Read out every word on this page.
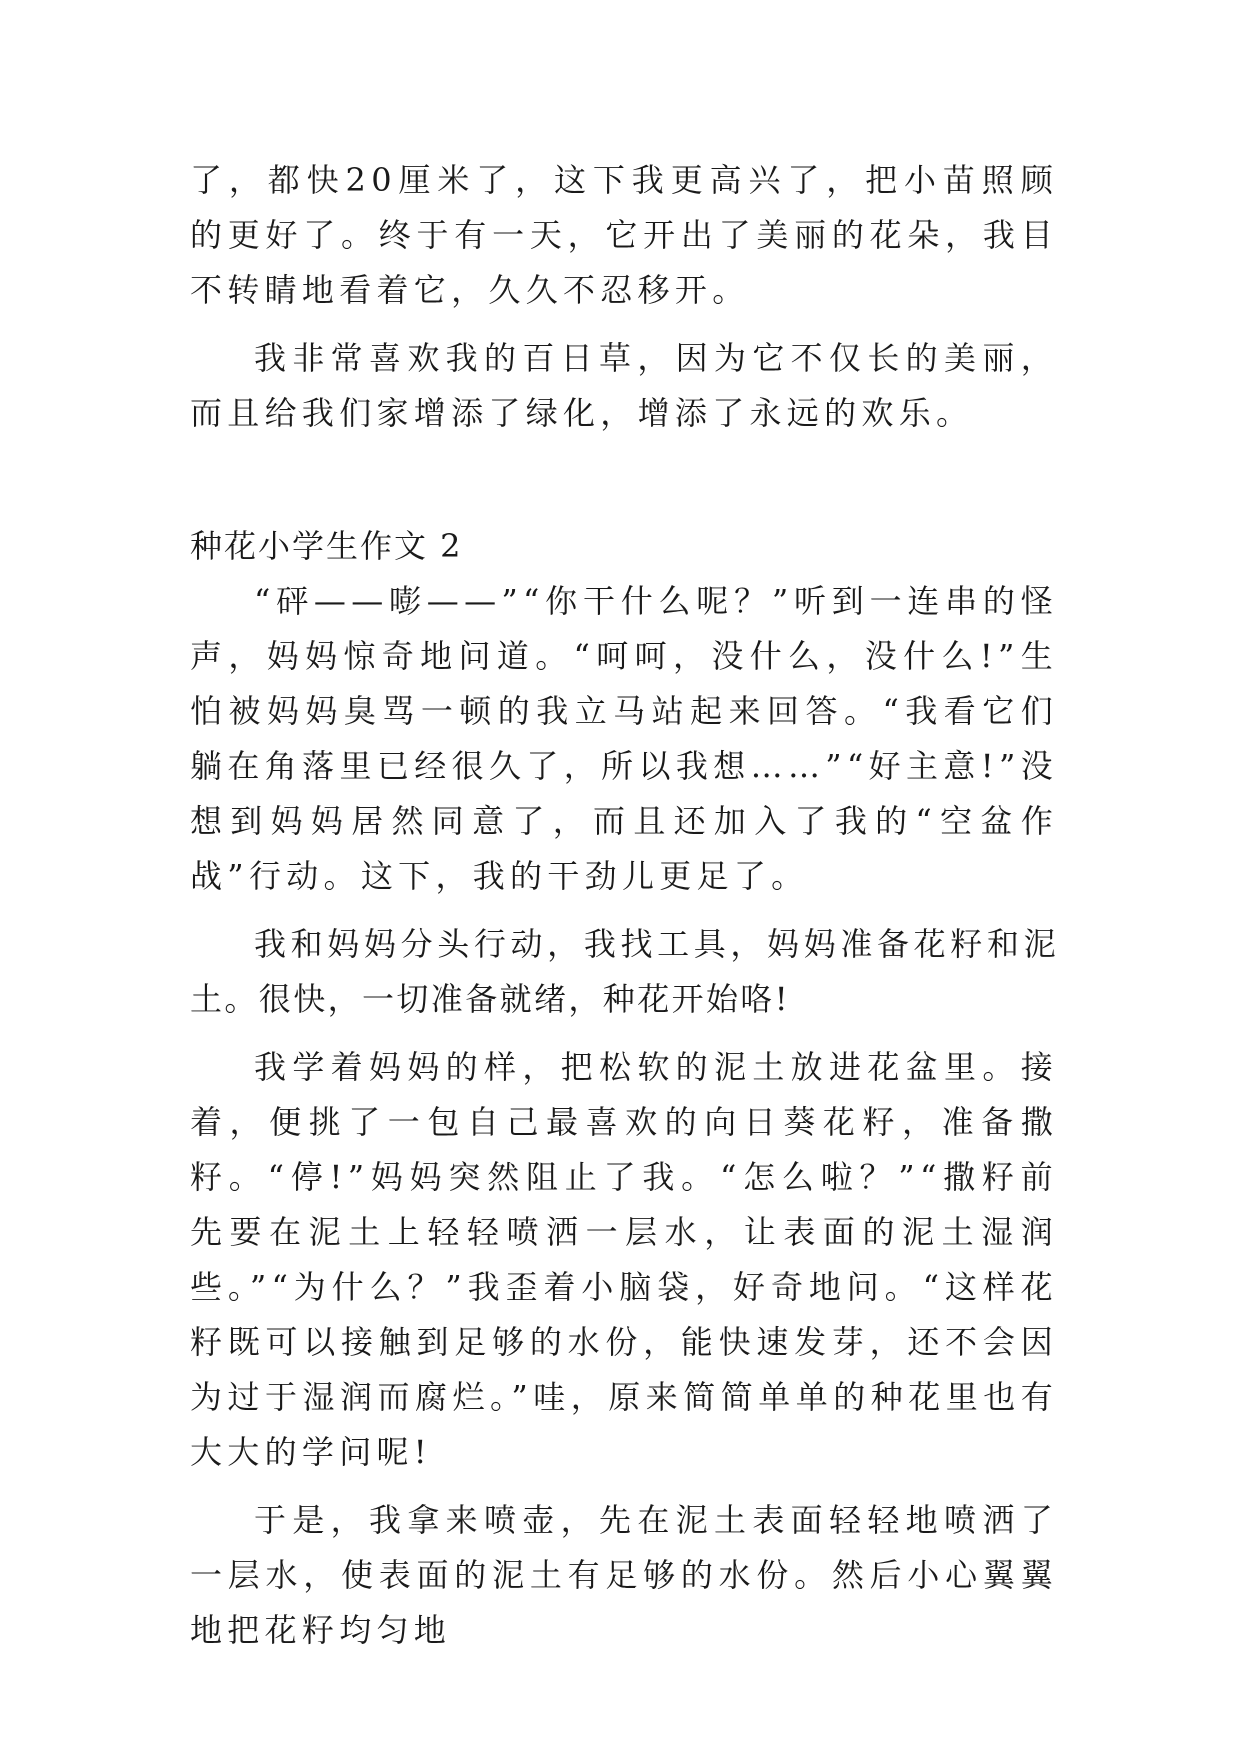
了，都快20厘米了，这下我更高兴了，把小苗照顾的更好了。终于有一天，它开出了美丽的花朵，我目不转睛地看着它，久久不忍移开。

我非常喜欢我的百日草，因为它不仅长的美丽，而且给我们家增添了绿化，增添了永远的欢乐。

种花小学生作文 2

“砰——嘭——”“你干什么呢？”听到一连串的怪声，妈妈惊奇地问道。“呵呵，没什么，没什么!”生怕被妈妈臭骂一顿的我立马站起来回答。“我看它们躺在角落里已经很久了，所以我想……”“好主意!”没想到妈妈居然同意了，而且还加入了我的“空盆作战”行动。这下，我的干劲儿更足了。

我和妈妈分头行动，我找工具，妈妈准备花籽和泥土。很快，一切准备就绪，种花开始咯!

我学着妈妈的样，把松软的泥土放进花盆里。接着，便挑了一包自己最喜欢的向日葵花籽，准备撒籽。“停!”妈妈突然阻止了我。“怎么啦？”“撒籽前先要在泥土上轻轻喷洒一层水，让表面的泥土湿润些。”“为什么？”我歪着小脑袋，好奇地问。“这样花籽既可以接触到足够的水份，能快速发芽，还不会因为过于湿润而腐烂。”哇，原来简简单单的种花里也有大大的学问呢!

于是，我拿来喷壶，先在泥土表面轻轻地喷洒了一层水，使表面的泥土有足够的水份。然后小心翼翼地把花籽均匀地
